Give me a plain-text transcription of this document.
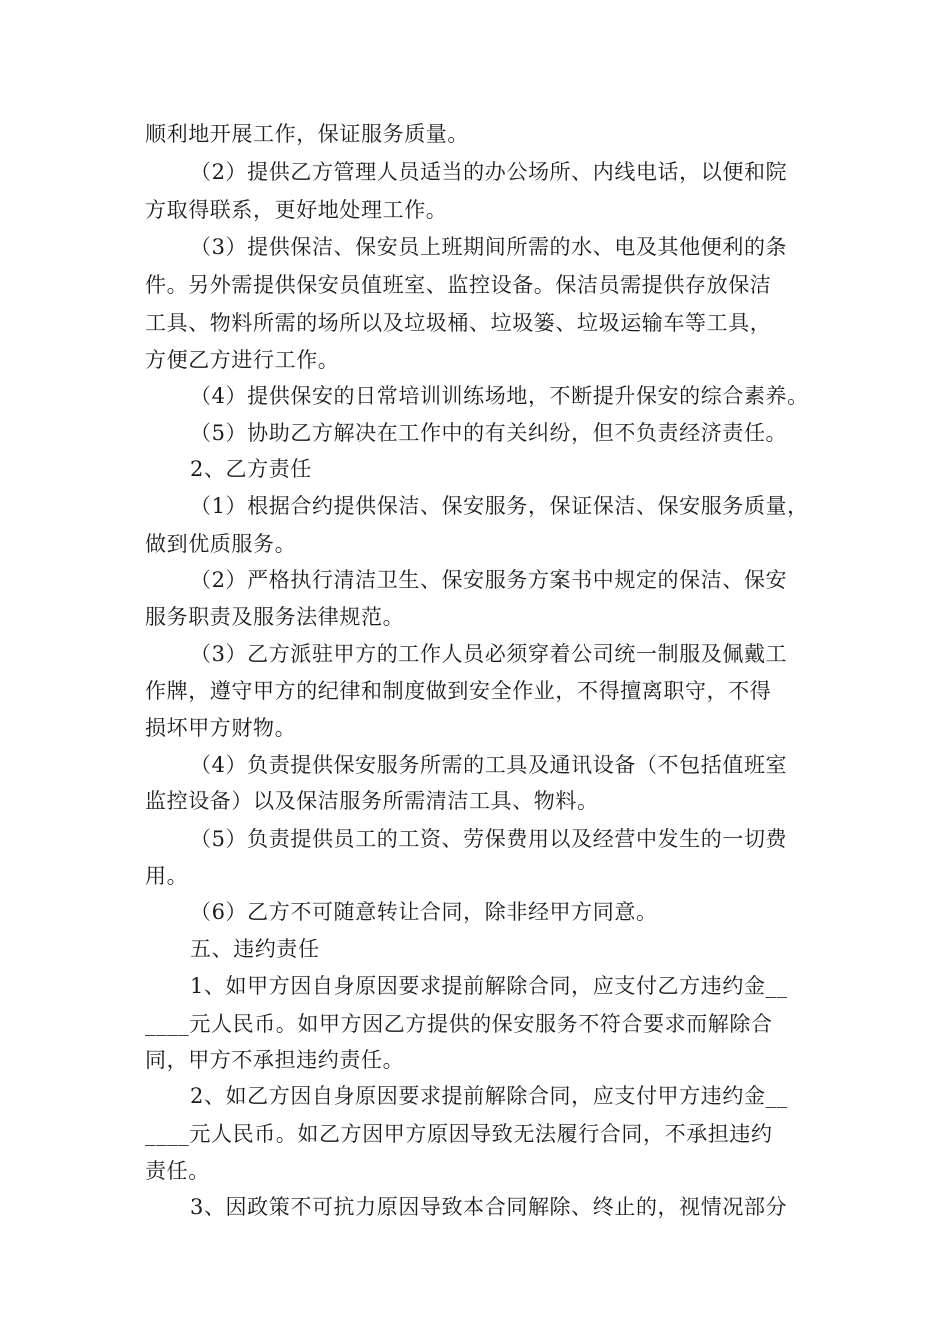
顺利地开展工作，保证服务质量。
（2）提供乙方管理人员适当的办公场所、内线电话，以便和院
方取得联系，更好地处理工作。
（3）提供保洁、保安员上班期间所需的水、电及其他便利的条
件。另外需提供保安员值班室、监控设备。保洁员需提供存放保洁
工具、物料所需的场所以及垃圾桶、垃圾篓、垃圾运输车等工具，
方便乙方进行工作。
（4）提供保安的日常培训训练场地，不断提升保安的综合素养。
（5）协助乙方解决在工作中的有关纠纷，但不负责经济责任。
2、乙方责任
（1）根据合约提供保洁、保安服务，保证保洁、保安服务质量，
做到优质服务。
（2）严格执行清洁卫生、保安服务方案书中规定的保洁、保安
服务职责及服务法律规范。
（3）乙方派驻甲方的工作人员必须穿着公司统一制服及佩戴工
作牌，遵守甲方的纪律和制度做到安全作业，不得擅离职守，不得
损坏甲方财物。
（4）负责提供保安服务所需的工具及通讯设备（不包括值班室
监控设备）以及保洁服务所需清洁工具、物料。
（5）负责提供员工的工资、劳保费用以及经营中发生的一切费
用。
（6）乙方不可随意转让合同，除非经甲方同意。
五、违约责任
1、如甲方因自身原因要求提前解除合同，应支付乙方违约金__
____元人民币。如甲方因乙方提供的保安服务不符合要求而解除合
同，甲方不承担违约责任。
2、如乙方因自身原因要求提前解除合同，应支付甲方违约金__
____元人民币。如乙方因甲方原因导致无法履行合同，不承担违约
责任。
3、因政策不可抗力原因导致本合同解除、终止的，视情况部分
